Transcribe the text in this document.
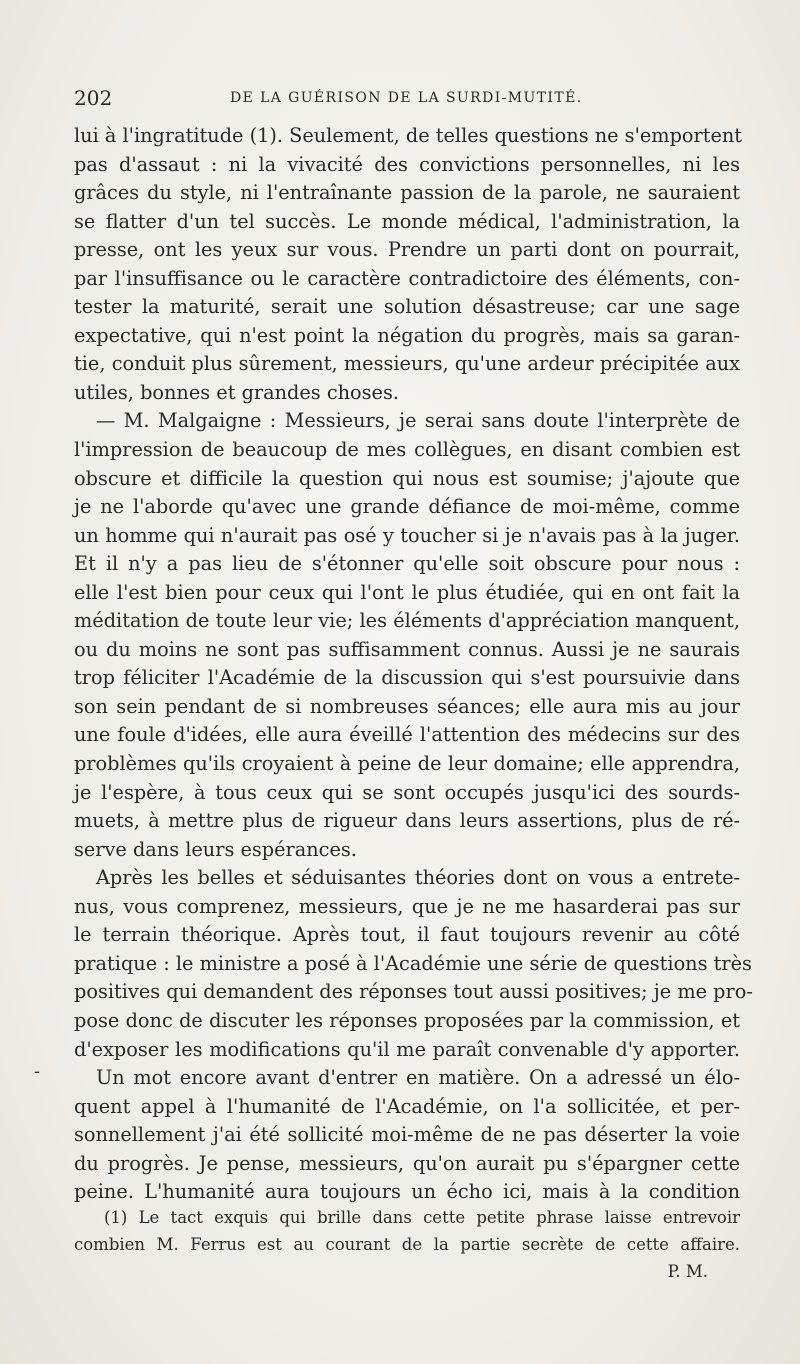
202	DE LA GUÉRISON DE LA SURDI-MUTITÉ.
lui à l'ingratitude (1). Seulement, de telles questions ne s'emportent
pas d'assaut : ni la vivacité des convictions personnelles, ni les
grâces du style, ni l'entraînante passion de la parole, ne sauraient
se flatter d'un tel succès. Le monde médical, l'administration, la
presse, ont les yeux sur vous. Prendre un parti dont on pourrait,
par l'insuffisance ou le caractère contradictoire des éléments, con-
tester la maturité, serait une solution désastreuse; car une sage
expectative, qui n'est point la négation du progrès, mais sa garan-
tie, conduit plus sûrement, messieurs, qu'une ardeur précipitée aux
utiles, bonnes et grandes choses.
— M. Malgaigne : Messieurs, je serai sans doute l'interprète de
l'impression de beaucoup de mes collègues, en disant combien est
obscure et difficile la question qui nous est soumise; j'ajoute que
je ne l'aborde qu'avec une grande défiance de moi-même, comme
un homme qui n'aurait pas osé y toucher si je n'avais pas à la juger.
Et il n'y a pas lieu de s'étonner qu'elle soit obscure pour nous :
elle l'est bien pour ceux qui l'ont le plus étudiée, qui en ont fait la
méditation de toute leur vie; les éléments d'appréciation manquent,
ou du moins ne sont pas suffisamment connus. Aussi je ne saurais
trop féliciter l'Académie de la discussion qui s'est poursuivie dans
son sein pendant de si nombreuses séances; elle aura mis au jour
une foule d'idées, elle aura éveillé l'attention des médecins sur des
problèmes qu'ils croyaient à peine de leur domaine; elle apprendra,
je l'espère, à tous ceux qui se sont occupés jusqu'ici des sourds-
muets, à mettre plus de rigueur dans leurs assertions, plus de ré-
serve dans leurs espérances.
Après les belles et séduisantes théories dont on vous a entrete-
nus, vous comprenez, messieurs, que je ne me hasarderai pas sur
le terrain théorique. Après tout, il faut toujours revenir au côté
pratique : le ministre a posé à l'Académie une série de questions très
positives qui demandent des réponses tout aussi positives; je me pro-
pose donc de discuter les réponses proposées par la commission, et
d'exposer les modifications qu'il me paraît convenable d'y apporter.
Un mot encore avant d'entrer en matière. On a adressé un élo-
quent appel à l'humanité de l'Académie, on l'a sollicitée, et per-
sonnellement j'ai été sollicité moi-même de ne pas déserter la voie
du progrès. Je pense, messieurs, qu'on aurait pu s'épargner cette
peine. L'humanité aura toujours un écho ici, mais à la condition
-
(1) Le tact exquis qui brille dans cette petite phrase laisse entrevoir
combien M. Ferrus est au courant de la partie secrète de cette affaire.
P. M.
